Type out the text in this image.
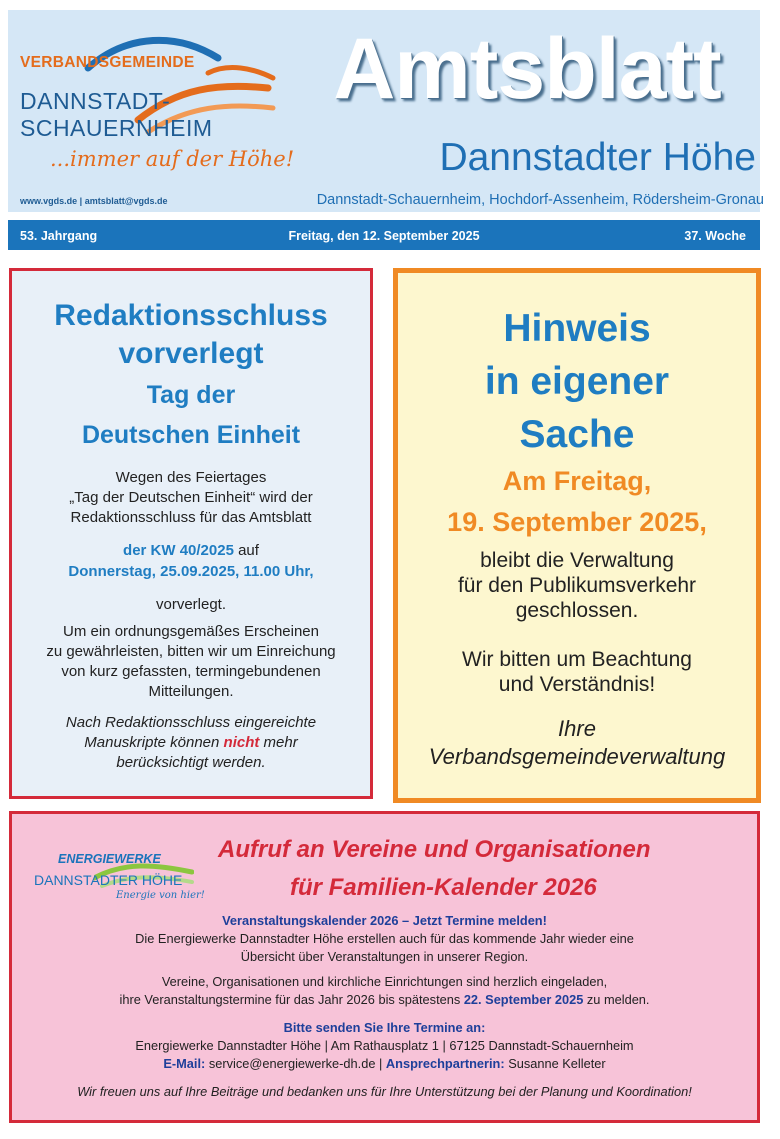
VERBANDSGEMEINDE
DANNSTADT-
SCHAUERNHEIM
...immer auf der Höhe!
www.vgds.de | amtsblatt@vgds.de
Amtsblatt
Dannstadter Höhe
Dannstadt-Schauernheim, Hochdorf-Assenheim, Rödersheim-Gronau
Freitag, den 12. September 2025
53. Jahrgang	37. Woche
Redaktionsschluss
vorverlegt
Tag der
Deutschen Einheit
Wegen des Feiertages
„Tag der Deutschen Einheit“ wird der
Redaktionsschluss für das Amtsblatt
der KW 40/2025 auf
Donnerstag, 25.09.2025, 11.00 Uhr,
vorverlegt.
Um ein ordnungsgemäßes Erscheinen
zu gewährleisten, bitten wir um Einreichung
von kurz gefassten, termingebundenen
Mitteilungen.
Nach Redaktionsschluss eingereichte
Manuskripte können nicht mehr
berücksichtigt werden.
Hinweis
in eigener
Sache
Am Freitag,
19. September 2025,
bleibt die Verwaltung
für den Publikumsverkehr
geschlossen.
Wir bitten um Beachtung
und Verständnis!
Ihre
Verbandsgemeindeverwaltung
ENERGIEWERKE
DANNSTADTER HÖHE
Energie von hier!
Aufruf an Vereine und Organisationen
für Familien-Kalender 2026
Veranstaltungskalender 2026 – Jetzt Termine melden!
Die Energiewerke Dannstadter Höhe erstellen auch für das kommende Jahr wieder eine
Übersicht über Veranstaltungen in unserer Region.
Vereine, Organisationen und kirchliche Einrichtungen sind herzlich eingeladen,
ihre Veranstaltungstermine für das Jahr 2026 bis spätestens 22. September 2025 zu melden.
Bitte senden Sie Ihre Termine an:
Energiewerke Dannstadter Höhe | Am Rathausplatz 1 | 67125 Dannstadt-Schauernheim
E-Mail: service@energiewerke-dh.de | Ansprechpartnerin: Susanne Kelleter
Wir freuen uns auf Ihre Beiträge und bedanken uns für Ihre Unterstützung bei der Planung und Koordination!
